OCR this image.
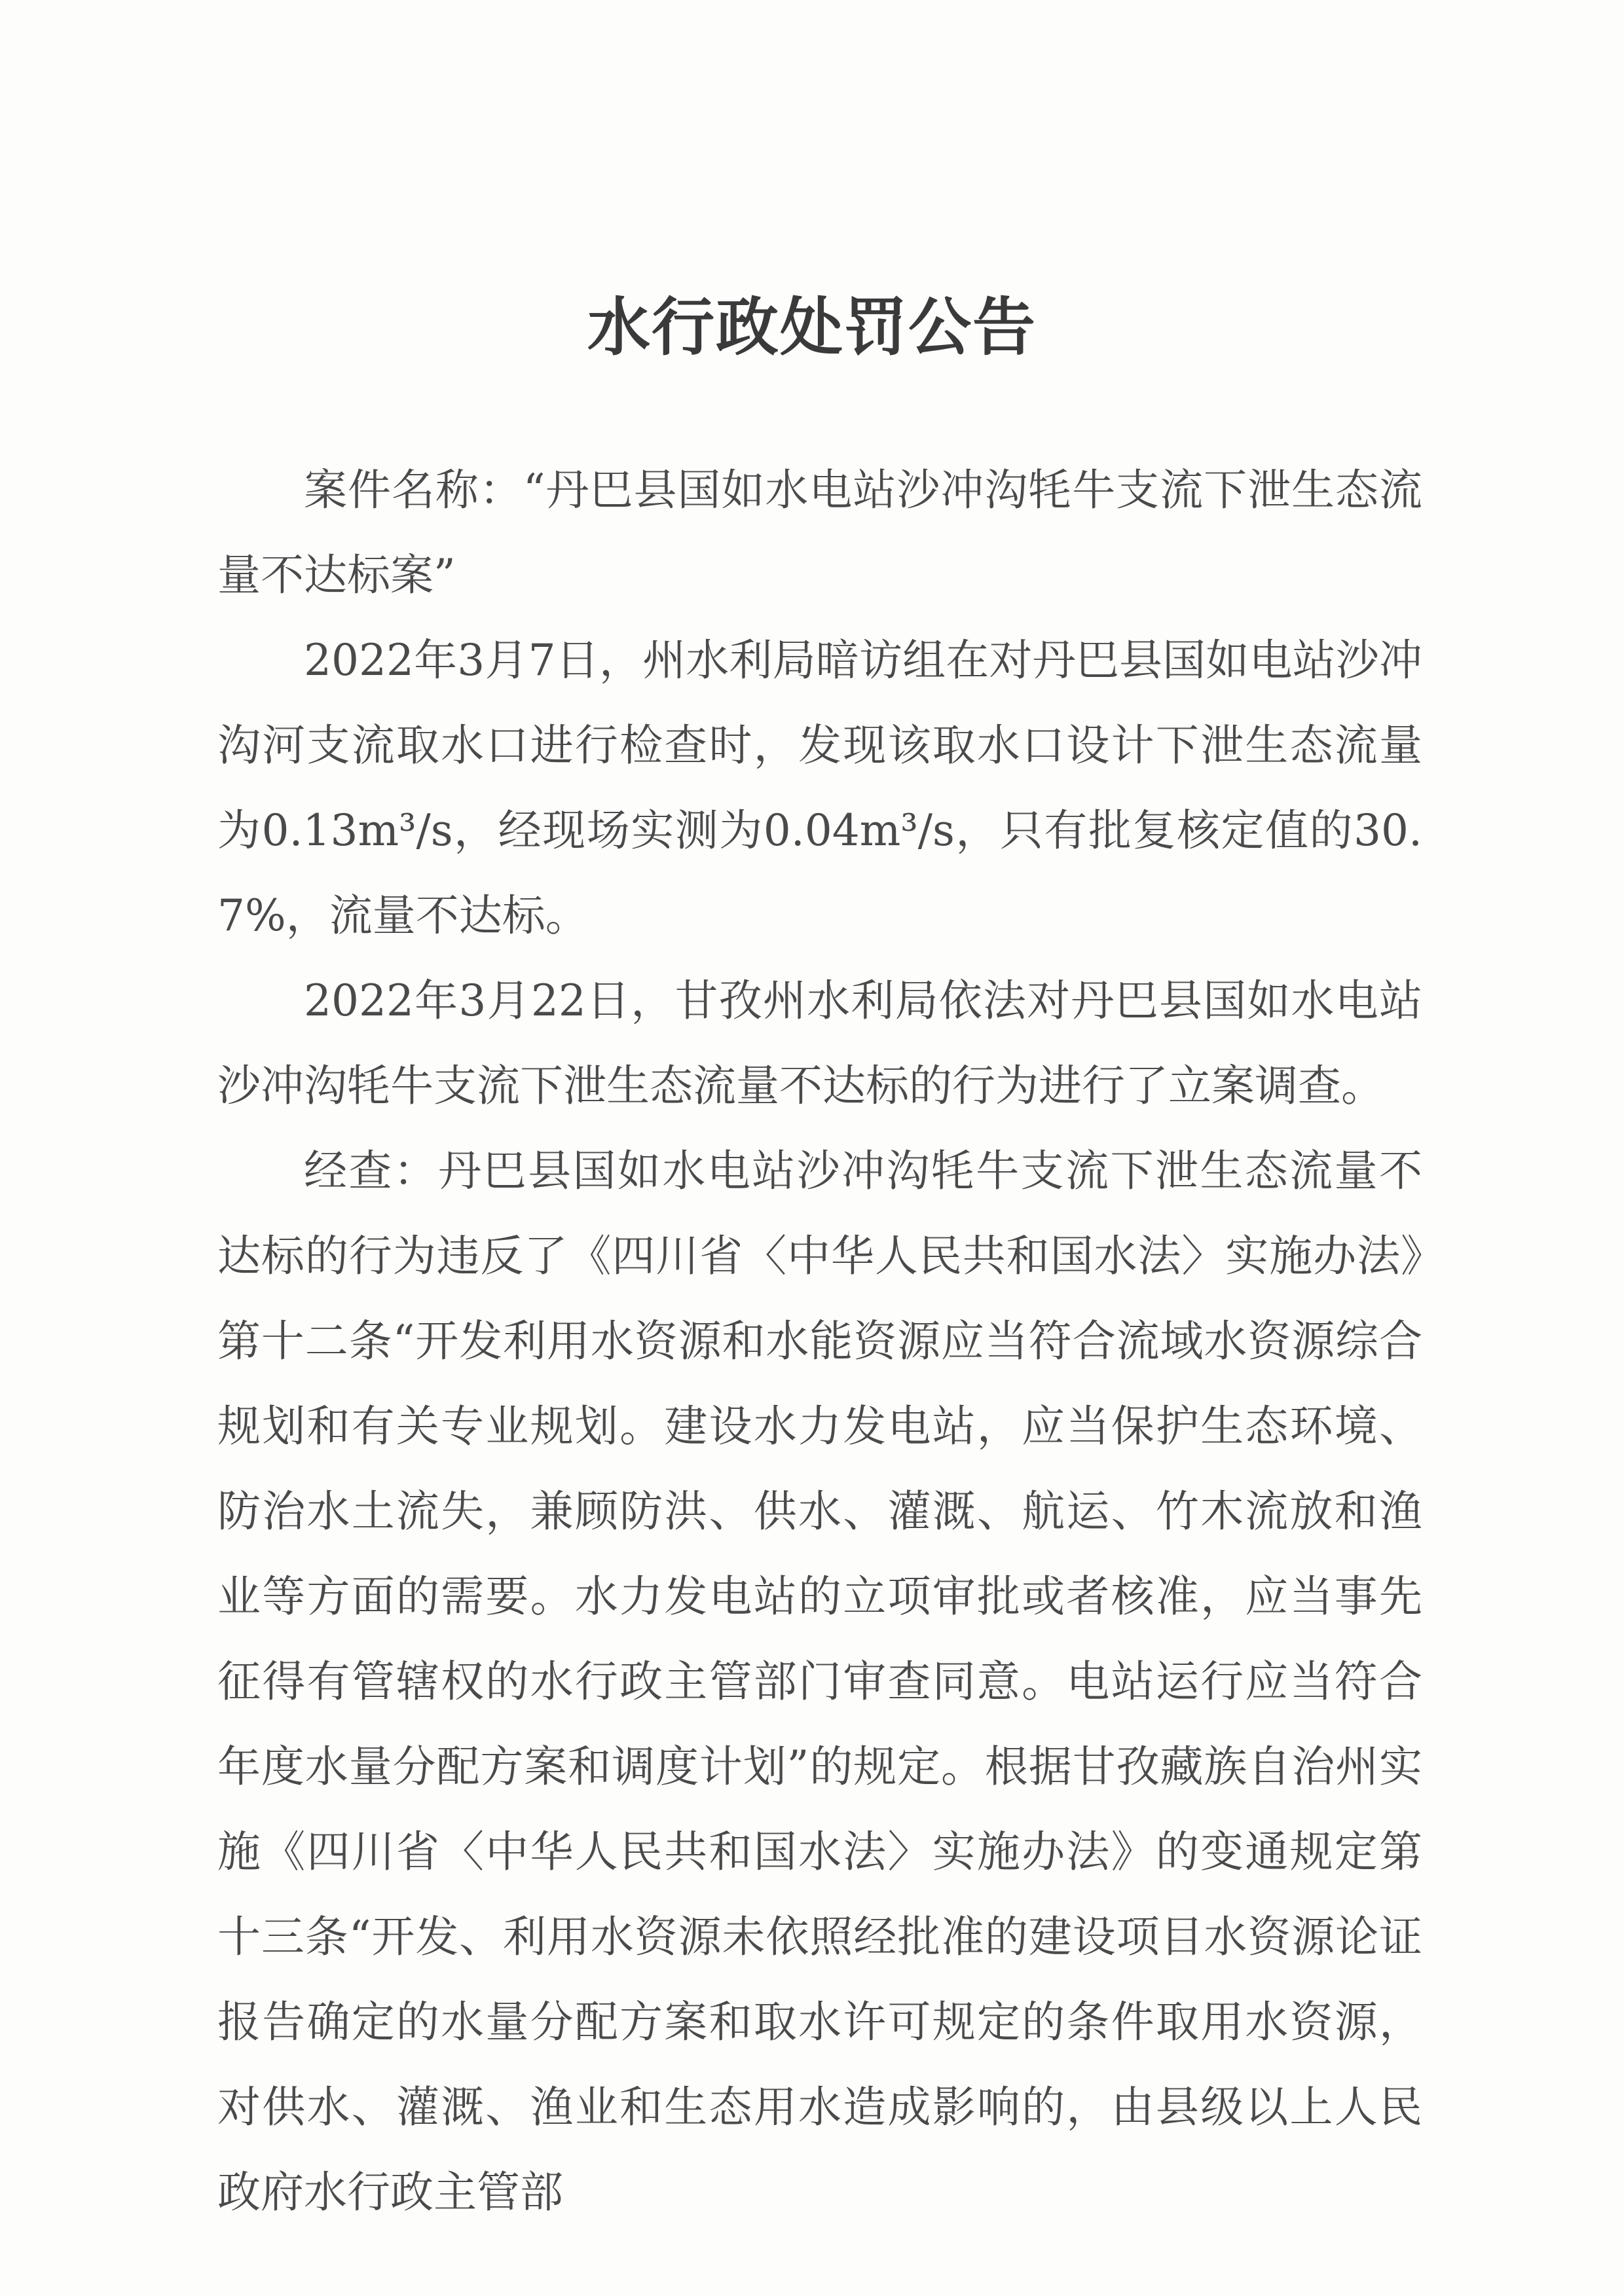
水行政处罚公告

案件名称：“丹巴县国如水电站沙冲沟牦牛支流下泄生态流量不达标案”

2022年3月7日，州水利局暗访组在对丹巴县国如电站沙冲沟河支流取水口进行检查时，发现该取水口设计下泄生态流量为0.13m³/s，经现场实测为0.04m³/s，只有批复核定值的30.7%，流量不达标。

2022年3月22日，甘孜州水利局依法对丹巴县国如水电站沙冲沟牦牛支流下泄生态流量不达标的行为进行了立案调查。

经查：丹巴县国如水电站沙冲沟牦牛支流下泄生态流量不达标的行为违反了《四川省〈中华人民共和国水法〉实施办法》第十二条“开发利用水资源和水能资源应当符合流域水资源综合规划和有关专业规划。建设水力发电站，应当保护生态环境、防治水土流失，兼顾防洪、供水、灌溉、航运、竹木流放和渔业等方面的需要。水力发电站的立项审批或者核准，应当事先征得有管辖权的水行政主管部门审查同意。电站运行应当符合年度水量分配方案和调度计划”的规定。根据甘孜藏族自治州实施《四川省〈中华人民共和国水法〉实施办法》的变通规定第十三条“开发、利用水资源未依照经批准的建设项目水资源论证报告确定的水量分配方案和取水许可规定的条件取用水资源，对供水、灌溉、渔业和生态用水造成影响的，由县级以上人民政府水行政主管部
